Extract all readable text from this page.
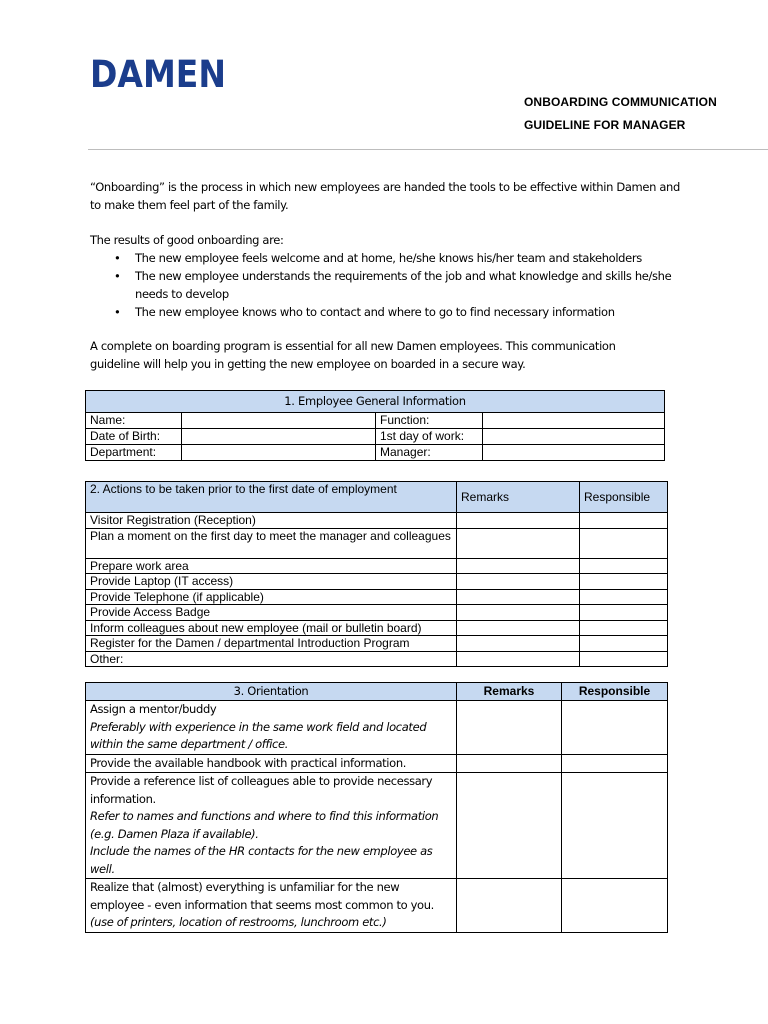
DAMEN
ONBOARDING COMMUNICATION
GUIDELINE FOR MANAGER
“Onboarding” is the process in which new employees are handed the tools to be effective within Damen and to make them feel part of the family.
The results of good onboarding are:
• The new employee feels welcome and at home, he/she knows his/her team and stakeholders
• The new employee understands the requirements of the job and what knowledge and skills he/she needs to develop
• The new employee knows who to contact and where to go to find necessary information
A complete on boarding program is essential for all new Damen employees. This communication guideline will help you in getting the new employee on boarded in a secure way.
1. Employee General Information			
Name:		Function:	
Date of Birth:		1st day of work:	
Department:		Manager:	
2. Actions to be taken prior to the first date of employment	Remarks	Responsible
Visitor Registration (Reception)		
Plan a moment on the first day to meet the manager and colleagues		
Prepare work area		
Provide Laptop (IT access)		
Provide Telephone (if applicable)		
Provide Access Badge		
Inform colleagues about new employee (mail or bulletin board)		
Register for the Damen / departmental Introduction Program		
Other:		
3. Orientation	Remarks	Responsible

Assign a mentor/buddy
Preferably with experience in the same work field and located within the same department / office.		

Provide the available handbook with practical information.		

Provide a reference list of colleagues able to provide necessary information.
Refer to names and functions and where to find this information (e.g. Damen Plaza if available).
Include the names of the HR contacts for the new employee as well.		

Realize that (almost) everything is unfamiliar for the new employee - even information that seems most common to you.
(use of printers, location of restrooms, lunchroom etc.)		
